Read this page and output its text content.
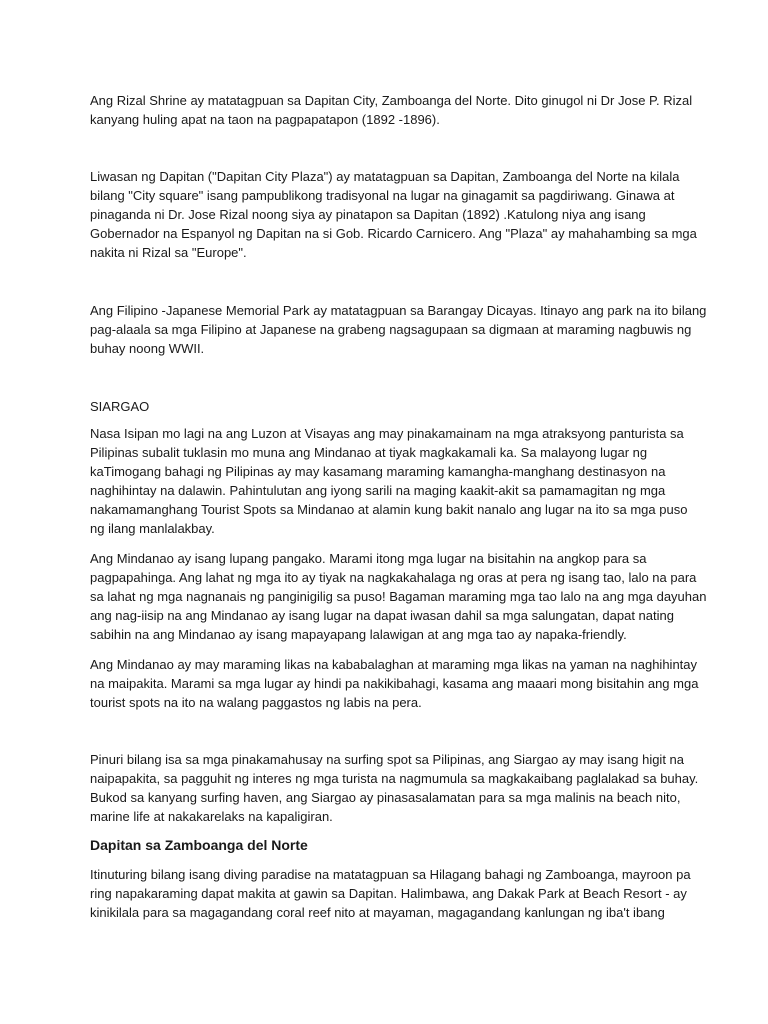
Ang Rizal Shrine ay matatagpuan sa Dapitan City, Zamboanga del Norte. Dito ginugol ni Dr Jose P. Rizal
kanyang huling apat na taon na pagpapatapon (1892 -1896).

Liwasan ng Dapitan ("Dapitan City Plaza") ay matatagpuan sa Dapitan, Zamboanga del Norte na kilala
bilang "City square" isang pampublikong tradisyonal na lugar na ginagamit sa pagdiriwang. Ginawa at
pinaganda ni Dr. Jose Rizal noong siya ay pinatapon sa Dapitan (1892) .Katulong niya ang isang
Gobernador na Espanyol ng Dapitan na si Gob. Ricardo Carnicero. Ang "Plaza" ay mahahambing sa mga
nakita ni Rizal sa "Europe".

Ang Filipino -Japanese Memorial Park ay matatagpuan sa Barangay Dicayas. Itinayo ang park na ito bilang
pag-alaala sa mga Filipino at Japanese na grabeng nagsagupaan sa digmaan at maraming nagbuwis ng
buhay noong WWII.

SIARGAO

Nasa Isipan mo lagi na ang Luzon at Visayas ang may pinakamainam na mga atraksyong panturista sa
Pilipinas subalit tuklasin mo muna ang Mindanao at tiyak magkakamali ka. Sa malayong lugar ng
kaTimogang bahagi ng Pilipinas ay may kasamang maraming kamangha-manghang destinasyon na
naghihintay na dalawin. Pahintulutan ang iyong sarili na maging kaakit-akit sa pamamagitan ng mga
nakamamanghang Tourist Spots sa Mindanao at alamin kung bakit nanalo ang lugar na ito sa mga puso
ng ilang manlalakbay.

Ang Mindanao ay isang lupang pangako. Marami itong mga lugar na bisitahin na angkop para sa
pagpapahinga. Ang lahat ng mga ito ay tiyak na nagkakahalaga ng oras at pera ng isang tao, lalo na para
sa lahat ng mga nagnanais ng panginigilig sa puso! Bagaman maraming mga tao lalo na ang mga dayuhan
ang nag-iisip na ang Mindanao ay isang lugar na dapat iwasan dahil sa mga salungatan, dapat nating
sabihin na ang Mindanao ay isang mapayapang lalawigan at ang mga tao ay napaka-friendly.

Ang Mindanao ay may maraming likas na kababalaghan at maraming mga likas na yaman na naghihintay
na maipakita. Marami sa mga lugar ay hindi pa nakikibahagi, kasama ang maaari mong bisitahin ang mga
tourist spots na ito na walang paggastos ng labis na pera.

Pinuri bilang isa sa mga pinakamahusay na surfing spot sa Pilipinas, ang Siargao ay may isang higit na
naipapakita, sa pagguhit ng interes ng mga turista na nagmumula sa magkakaibang paglalakad sa buhay.
Bukod sa kanyang surfing haven, ang Siargao ay pinasasalamatan para sa mga malinis na beach nito,
marine life at nakakarelaks na kapaligiran.

Dapitan sa Zamboanga del Norte

Itinuturing bilang isang diving paradise na matatagpuan sa Hilagang bahagi ng Zamboanga, mayroon pa
ring napakaraming dapat makita at gawin sa Dapitan. Halimbawa, ang Dakak Park at Beach Resort - ay
kinikilala para sa magagandang coral reef nito at mayaman, magagandang kanlungan ng iba't ibang
